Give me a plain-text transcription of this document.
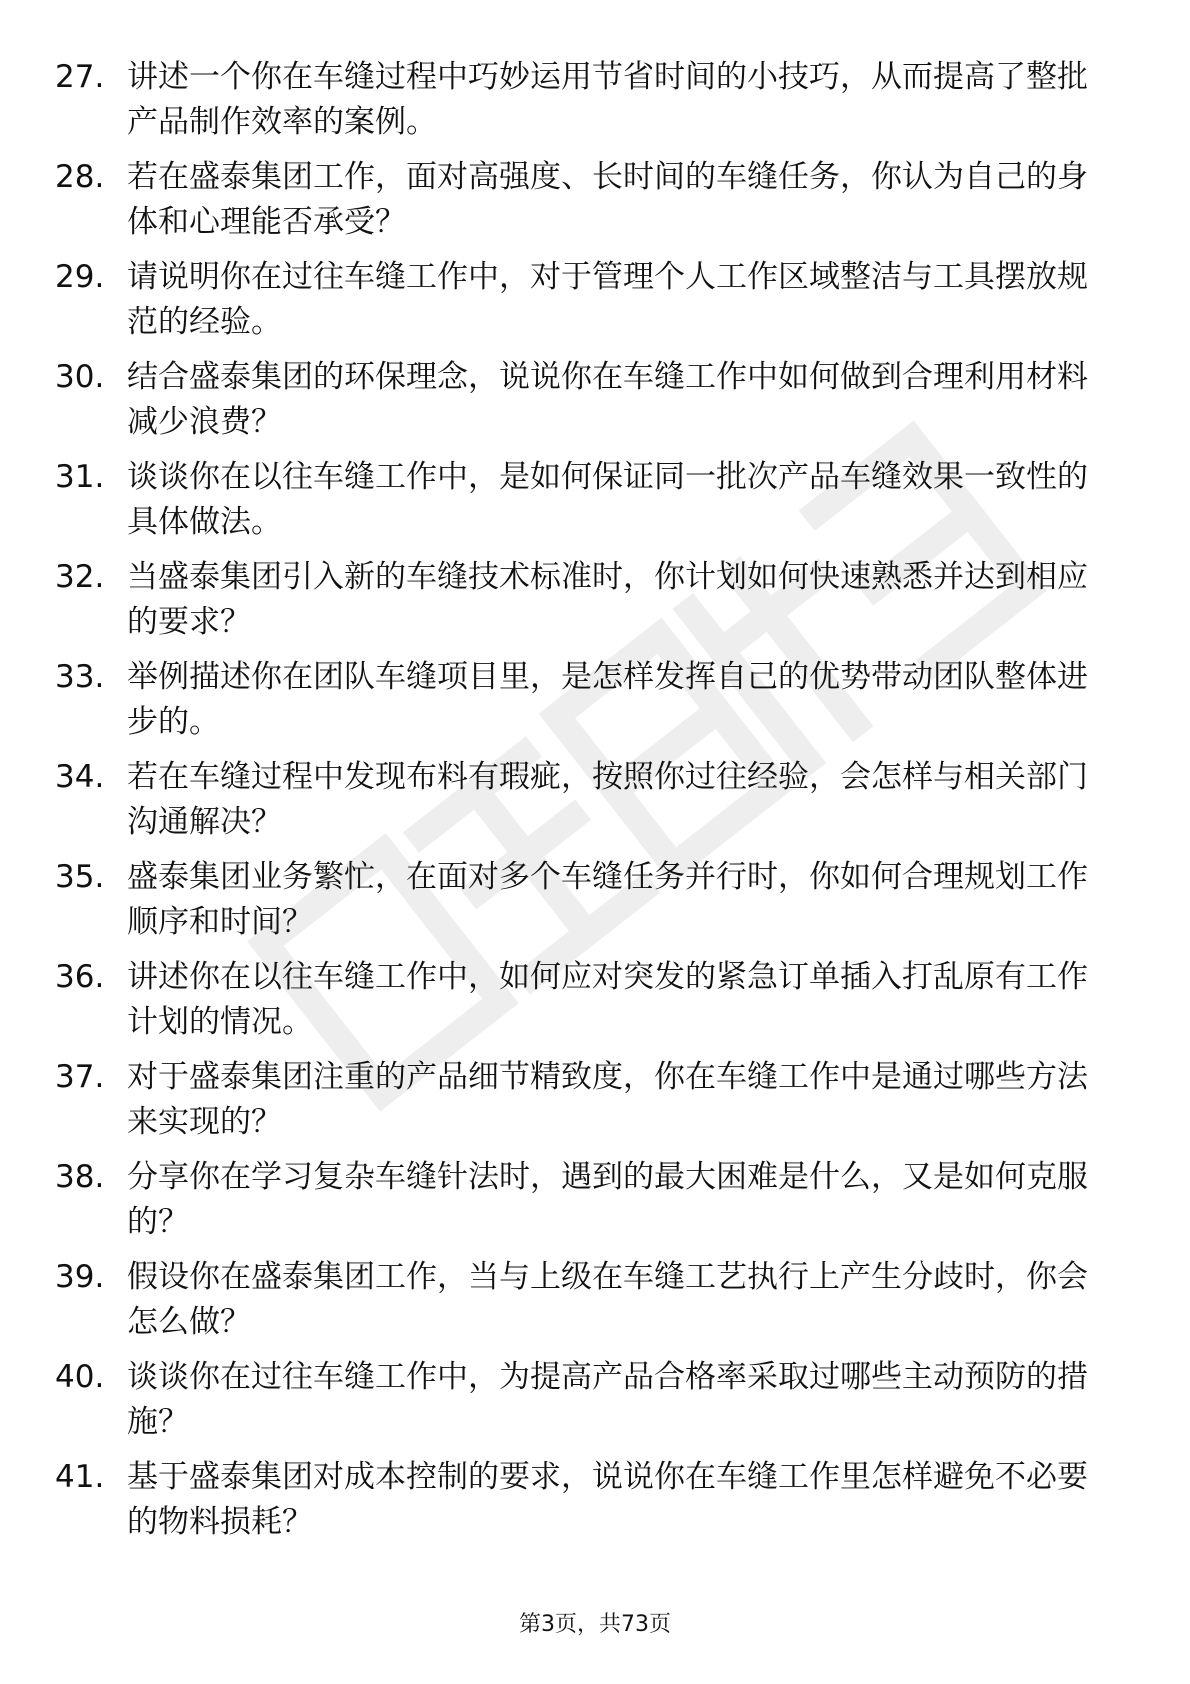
27. 讲述一个你在车缝过程中巧妙运用节省时间的小技巧，从而提高了整批产品制作效率的案例。
28. 若在盛泰集团工作，面对高强度、长时间的车缝任务，你认为自己的身体和心理能否承受？
29. 请说明你在过往车缝工作中，对于管理个人工作区域整洁与工具摆放规范的经验。
30. 结合盛泰集团的环保理念，说说你在车缝工作中如何做到合理利用材料减少浪费？
31. 谈谈你在以往车缝工作中，是如何保证同一批次产品车缝效果一致性的具体做法。
32. 当盛泰集团引入新的车缝技术标准时，你计划如何快速熟悉并达到相应的要求？
33. 举例描述你在团队车缝项目里，是怎样发挥自己的优势带动团队整体进步的。
34. 若在车缝过程中发现布料有瑕疵，按照你过往经验，会怎样与相关部门沟通解决？
35. 盛泰集团业务繁忙，在面对多个车缝任务并行时，你如何合理规划工作顺序和时间？
36. 讲述你在以往车缝工作中，如何应对突发的紧急订单插入打乱原有工作计划的情况。
37. 对于盛泰集团注重的产品细节精致度，你在车缝工作中是通过哪些方法来实现的？
38. 分享你在学习复杂车缝针法时，遇到的最大困难是什么，又是如何克服的？
39. 假设你在盛泰集团工作，当与上级在车缝工艺执行上产生分歧时，你会怎么做？
40. 谈谈你在过往车缝工作中，为提高产品合格率采取过哪些主动预防的措施？
41. 基于盛泰集团对成本控制的要求，说说你在车缝工作里怎样避免不必要的物料损耗？
第3页，共73页
